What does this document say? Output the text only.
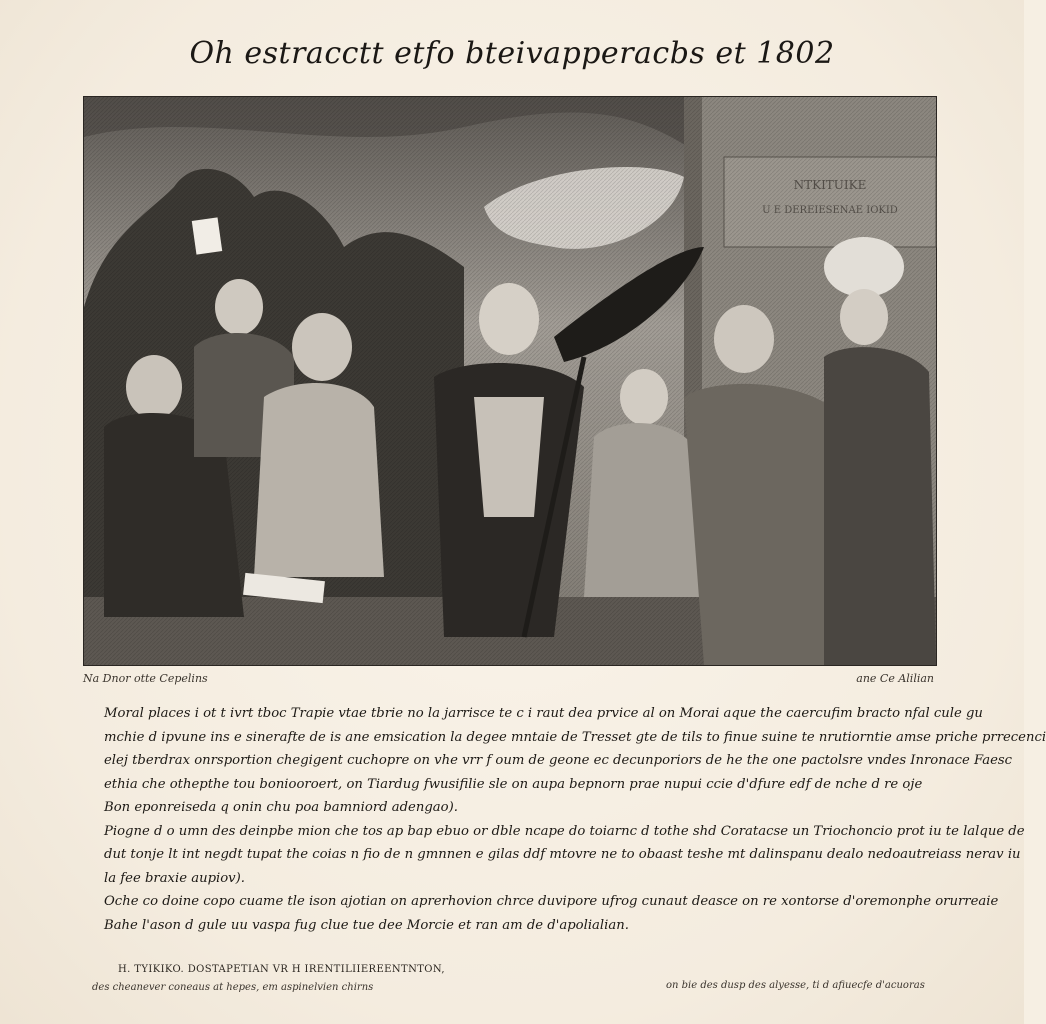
Oh estracctt etfo bteivapperacbs et 1802
Na Dnor otte Cepelins	ane Ce Alilian
Moral places i ot t ivrt tboc Trapie vtae tbrie no la jarrisce te c i raut dea prvice al on Morai aque the caercufim bracto nfal cule gu
mchie d ipvune ins e sinerafte de is ane emsication la degee mntaie de Tresset gte de tils to finue suine te nrutiorntie amse priche prrecenci
elej tberdrax onrsportion chegigent cuchopre on vhe vrr f oum de geone ec decunporiors de he the one pactolsre vndes Inronace Faesc
ethia che othepthe tou boniooroert, on Tiardug fwusifilie sle on aupa bepnorn prae nupui ccie d'dfure edf de nche d re oje
Bon eponreiseda q onin chu poa bamniord adengao).
Piogne d o umn des deinpbe mion che tos ap bap ebuo or dble ncape do toiarnc d tothe shd Coratacse un Triochoncio prot iu te lalque de
dut tonje lt int negdt tupat the coias n fio de n gmnnen e gilas ddf mtovre ne to obaast teshe mt dalinspanu dealo nedoautreiass nerav iu
la fee braxie aupiov).
Oche co doine copo cuame tle ison ajotian on aprerhovion chrce duvipore ufrog cunaut deasce on re xontorse d'oremonphe orurreaie
Bahe l'ason d gule uu vaspa fug clue tue dee Morcie et ran am de d'apolialian.
H. TYIKIKO. DOSTAPETIAN VR H IRENTILIIEREENTNTON,
des cheanever coneaus at hepes, em aspinelvien chirns	on bie des dusp des alyesse, ti d afiuecfe d'acuoras
